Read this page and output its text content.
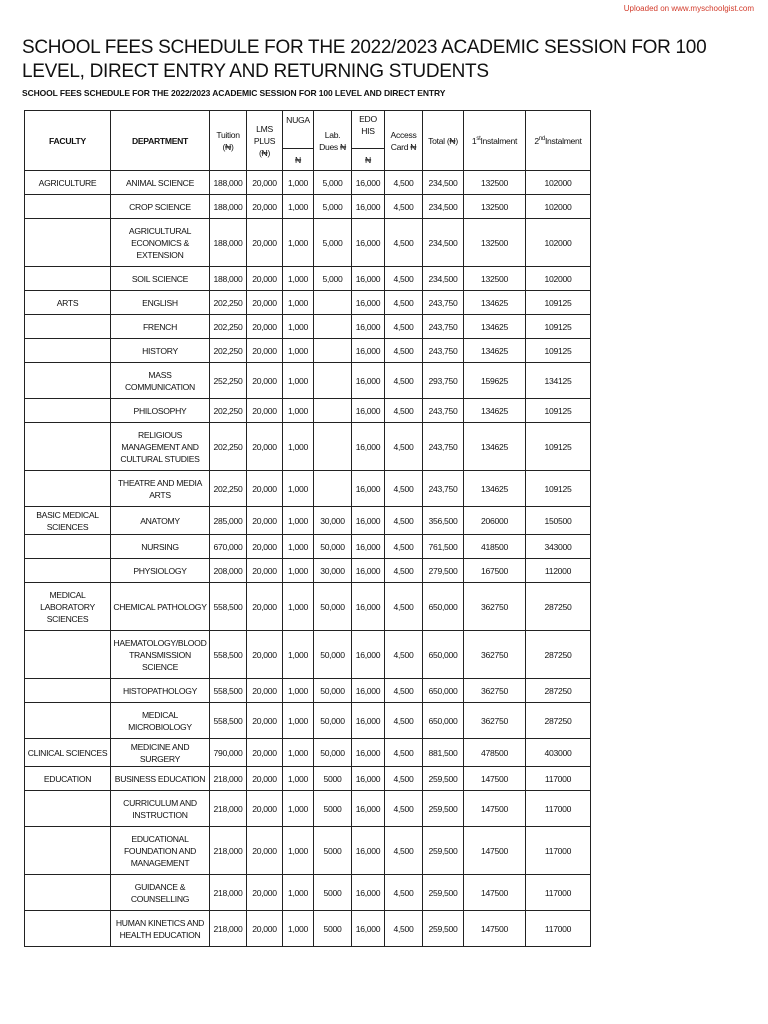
Uploaded on www.myschoolgist.com
SCHOOL FEES SCHEDULE FOR THE 2022/2023 ACADEMIC SESSION FOR 100 LEVEL, DIRECT ENTRY AND RETURNING STUDENTS
SCHOOL FEES SCHEDULE FOR THE 2022/2023 ACADEMIC SESSION FOR 100 LEVEL AND DIRECT ENTRY
FACULTY	DEPARTMENT	Tuition (₦)	LMS PLUS (₦)	NUGA	Lab. Dues ₦	EDO HIS	Access Card ₦	Total (₦)	1stInstalment	2ndInstalment
				₦		₦				
AGRICULTURE	ANIMAL SCIENCE	188,000	20,000	1,000	5,000	16,000	4,500	234,500	132500	102000
	CROP SCIENCE	188,000	20,000	1,000	5,000	16,000	4,500	234,500	132500	102000
	AGRICULTURAL ECONOMICS & EXTENSION	188,000	20,000	1,000	5,000	16,000	4,500	234,500	132500	102000
	SOIL SCIENCE	188,000	20,000	1,000	5,000	16,000	4,500	234,500	132500	102000
ARTS	ENGLISH	202,250	20,000	1,000		16,000	4,500	243,750	134625	109125
	FRENCH	202,250	20,000	1,000		16,000	4,500	243,750	134625	109125
	HISTORY	202,250	20,000	1,000		16,000	4,500	243,750	134625	109125
	MASS COMMUNICATION	252,250	20,000	1,000		16,000	4,500	293,750	159625	134125
	PHILOSOPHY	202,250	20,000	1,000		16,000	4,500	243,750	134625	109125
	RELIGIOUS MANAGEMENT AND CULTURAL STUDIES	202,250	20,000	1,000		16,000	4,500	243,750	134625	109125
	THEATRE AND MEDIA ARTS	202,250	20,000	1,000		16,000	4,500	243,750	134625	109125
BASIC MEDICAL SCIENCES	ANATOMY	285,000	20,000	1,000	30,000	16,000	4,500	356,500	206000	150500
	NURSING	670,000	20,000	1,000	50,000	16,000	4,500	761,500	418500	343000
	PHYSIOLOGY	208,000	20,000	1,000	30,000	16,000	4,500	279,500	167500	112000
MEDICAL LABORATORY SCIENCES	CHEMICAL PATHOLOGY	558,500	20,000	1,000	50,000	16,000	4,500	650,000	362750	287250
	HAEMATOLOGY/BLOOD TRANSMISSION SCIENCE	558,500	20,000	1,000	50,000	16,000	4,500	650,000	362750	287250
	HISTOPATHOLOGY	558,500	20,000	1,000	50,000	16,000	4,500	650,000	362750	287250
	MEDICAL MICROBIOLOGY	558,500	20,000	1,000	50,000	16,000	4,500	650,000	362750	287250
CLINICAL SCIENCES	MEDICINE AND SURGERY	790,000	20,000	1,000	50,000	16,000	4,500	881,500	478500	403000
EDUCATION	BUSINESS EDUCATION	218,000	20,000	1,000	5000	16,000	4,500	259,500	147500	117000
	CURRICULUM AND INSTRUCTION	218,000	20,000	1,000	5000	16,000	4,500	259,500	147500	117000
	EDUCATIONAL FOUNDATION AND MANAGEMENT	218,000	20,000	1,000	5000	16,000	4,500	259,500	147500	117000
	GUIDANCE & COUNSELLING	218,000	20,000	1,000	5000	16,000	4,500	259,500	147500	117000
	HUMAN KINETICS AND HEALTH EDUCATION	218,000	20,000	1,000	5000	16,000	4,500	259,500	147500	117000
